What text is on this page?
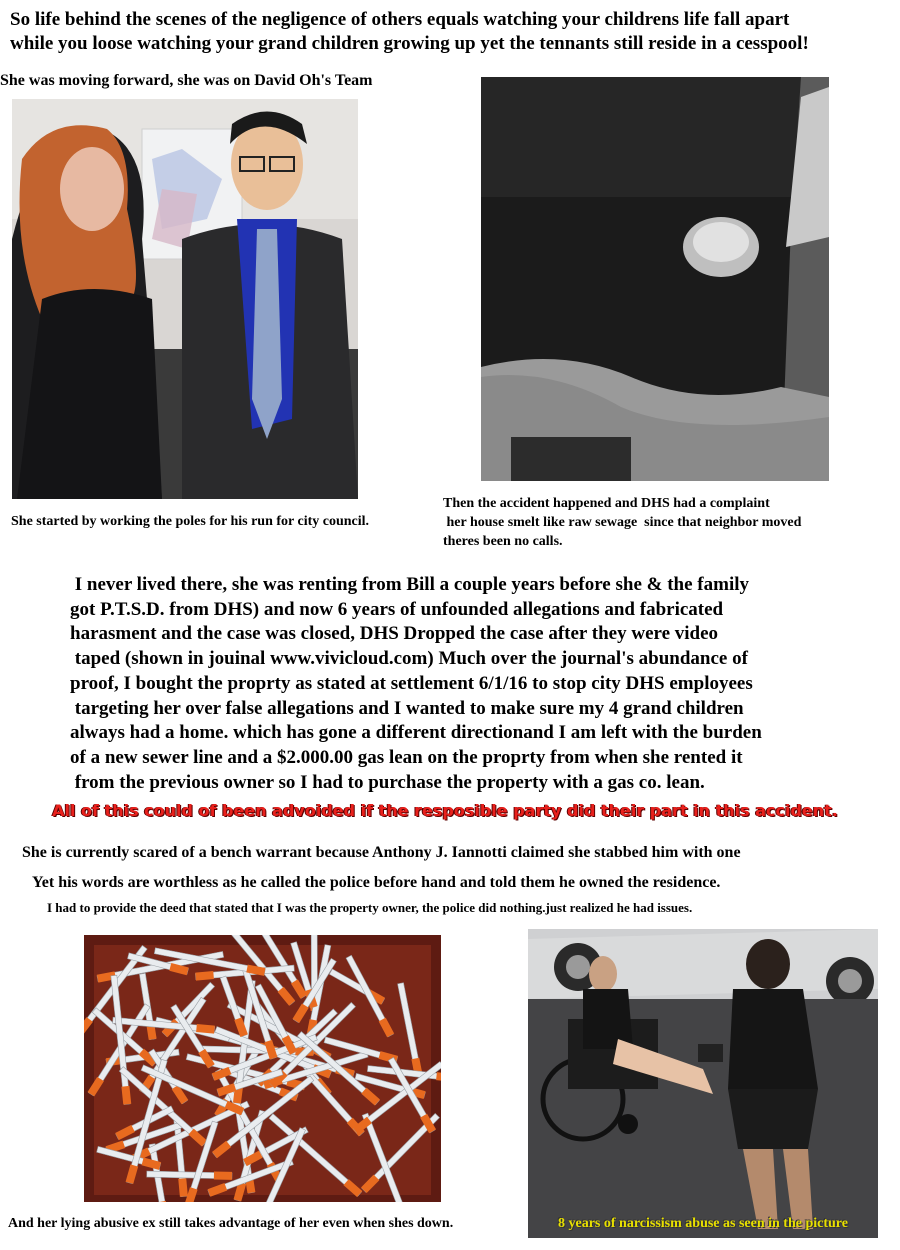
So life behind the scenes of the negligence of others equals watching your childrens life fall apart
while you loose watching your grand children growing up yet the tennants still reside in a cesspool!
She was moving forward, she was on David Oh's Team
She started by working the poles for his run for city council.
Then the accident happened and DHS had a complaint
her house smelt like raw sewage  since that neighbor moved
theres been no calls.
I never lived there, she was renting from Bill a couple years before she & the family
got P.T.S.D. from DHS) and now 6 years of unfounded allegations and fabricated
harasment and the case was closed, DHS Dropped the case after they were video
taped (shown in jouinal www.vivicloud.com) Much over the journal's abundance of
proof, I bought the proprty as stated at settlement 6/1/16 to stop city DHS employees
targeting her over false allegations and I wanted to make sure my 4 grand children
always had a home. which has gone a different directionand I am left with the burden
of a new sewer line and a $2.000.00 gas lean on the proprty from when she rented it
from the previous owner so I had to purchase the property with a gas co. lean.
All of this could of been advoided if the resposible party did their part in this accident.
She is currently scared of a bench warrant because Anthony J. Iannotti claimed she stabbed him with one
Yet his words are worthless as he called the police before hand and told them he owned the residence.
I had to provide the deed that stated that I was the property owner, the police did nothing.just realized he had issues.
8 years of narcissism abuse as seen in the picture
And her lying abusive ex still takes advantage of her even when shes down.
